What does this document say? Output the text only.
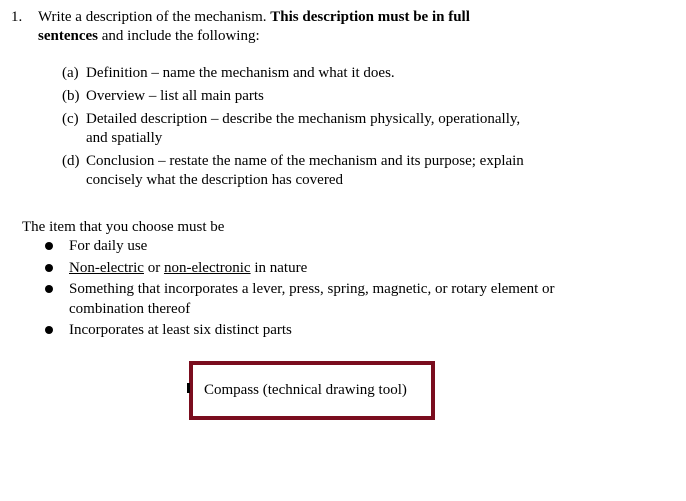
1. Write a description of the mechanism. This description must be in full
sentences and include the following:
(a) Definition – name the mechanism and what it does.
(b) Overview – list all main parts
(c) Detailed description – describe the mechanism physically, operationally,
and spatially
(d) Conclusion – restate the name of the mechanism and its purpose; explain
concisely what the description has covered
The item that you choose must be
For daily use
Non-electric or non-electronic in nature
Something that incorporates a lever, press, spring, magnetic, or rotary element or
combination thereof
Incorporates at least six distinct parts
Compass (technical drawing tool)
